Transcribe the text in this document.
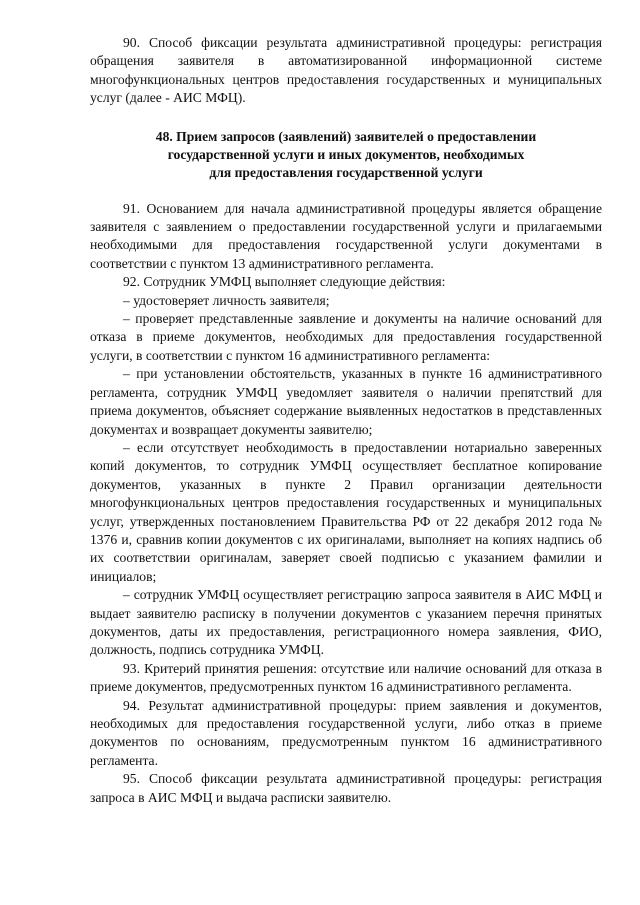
90. Способ фиксации результата административной процедуры: регистрация обращения заявителя в автоматизированной информационной системе многофункциональных центров предоставления государственных и муниципальных услуг (далее - АИС МФЦ).

48. Прием запросов (заявлений) заявителей о предоставлении
государственной услуги и иных документов, необходимых
для предоставления государственной услуги

91. Основанием для начала административной процедуры является обращение заявителя с заявлением о предоставлении государственной услуги и прилагаемыми необходимыми для предоставления государственной услуги документами в соответствии с пунктом 13 административного регламента.

92. Сотрудник УМФЦ выполняет следующие действия:

– удостоверяет личность заявителя;

– проверяет представленные заявление и документы на наличие оснований для отказа в приеме документов, необходимых для предоставления государственной услуги, в соответствии с пунктом 16 административного регламента:

– при установлении обстоятельств, указанных в пункте 16 административного регламента, сотрудник УМФЦ уведомляет заявителя о наличии препятствий для приема документов, объясняет содержание выявленных недостатков в представленных документах и возвращает документы заявителю;

– если отсутствует необходимость в предоставлении нотариально заверенных копий документов, то сотрудник УМФЦ осуществляет бесплатное копирование документов, указанных в пункте 2 Правил организации деятельности многофункциональных центров предоставления государственных и муниципальных услуг, утвержденных постановлением Правительства РФ от 22 декабря 2012 года № 1376 и, сравнив копии документов с их оригиналами, выполняет на копиях надпись об их соответствии оригиналам, заверяет своей подписью с указанием фамилии и инициалов;

– сотрудник УМФЦ осуществляет регистрацию запроса заявителя в АИС МФЦ и выдает заявителю расписку в получении документов с указанием перечня принятых документов, даты их предоставления, регистрационного номера заявления, ФИО, должность, подпись сотрудника УМФЦ.

93. Критерий принятия решения: отсутствие или наличие оснований для отказа в приеме документов, предусмотренных пунктом 16 административного регламента.

94. Результат административной процедуры: прием заявления и документов, необходимых для предоставления государственной услуги, либо отказ в приеме документов по основаниям, предусмотренным пунктом 16 административного регламента.

95. Способ фиксации результата административной процедуры: регистрация запроса в АИС МФЦ и выдача расписки заявителю.
